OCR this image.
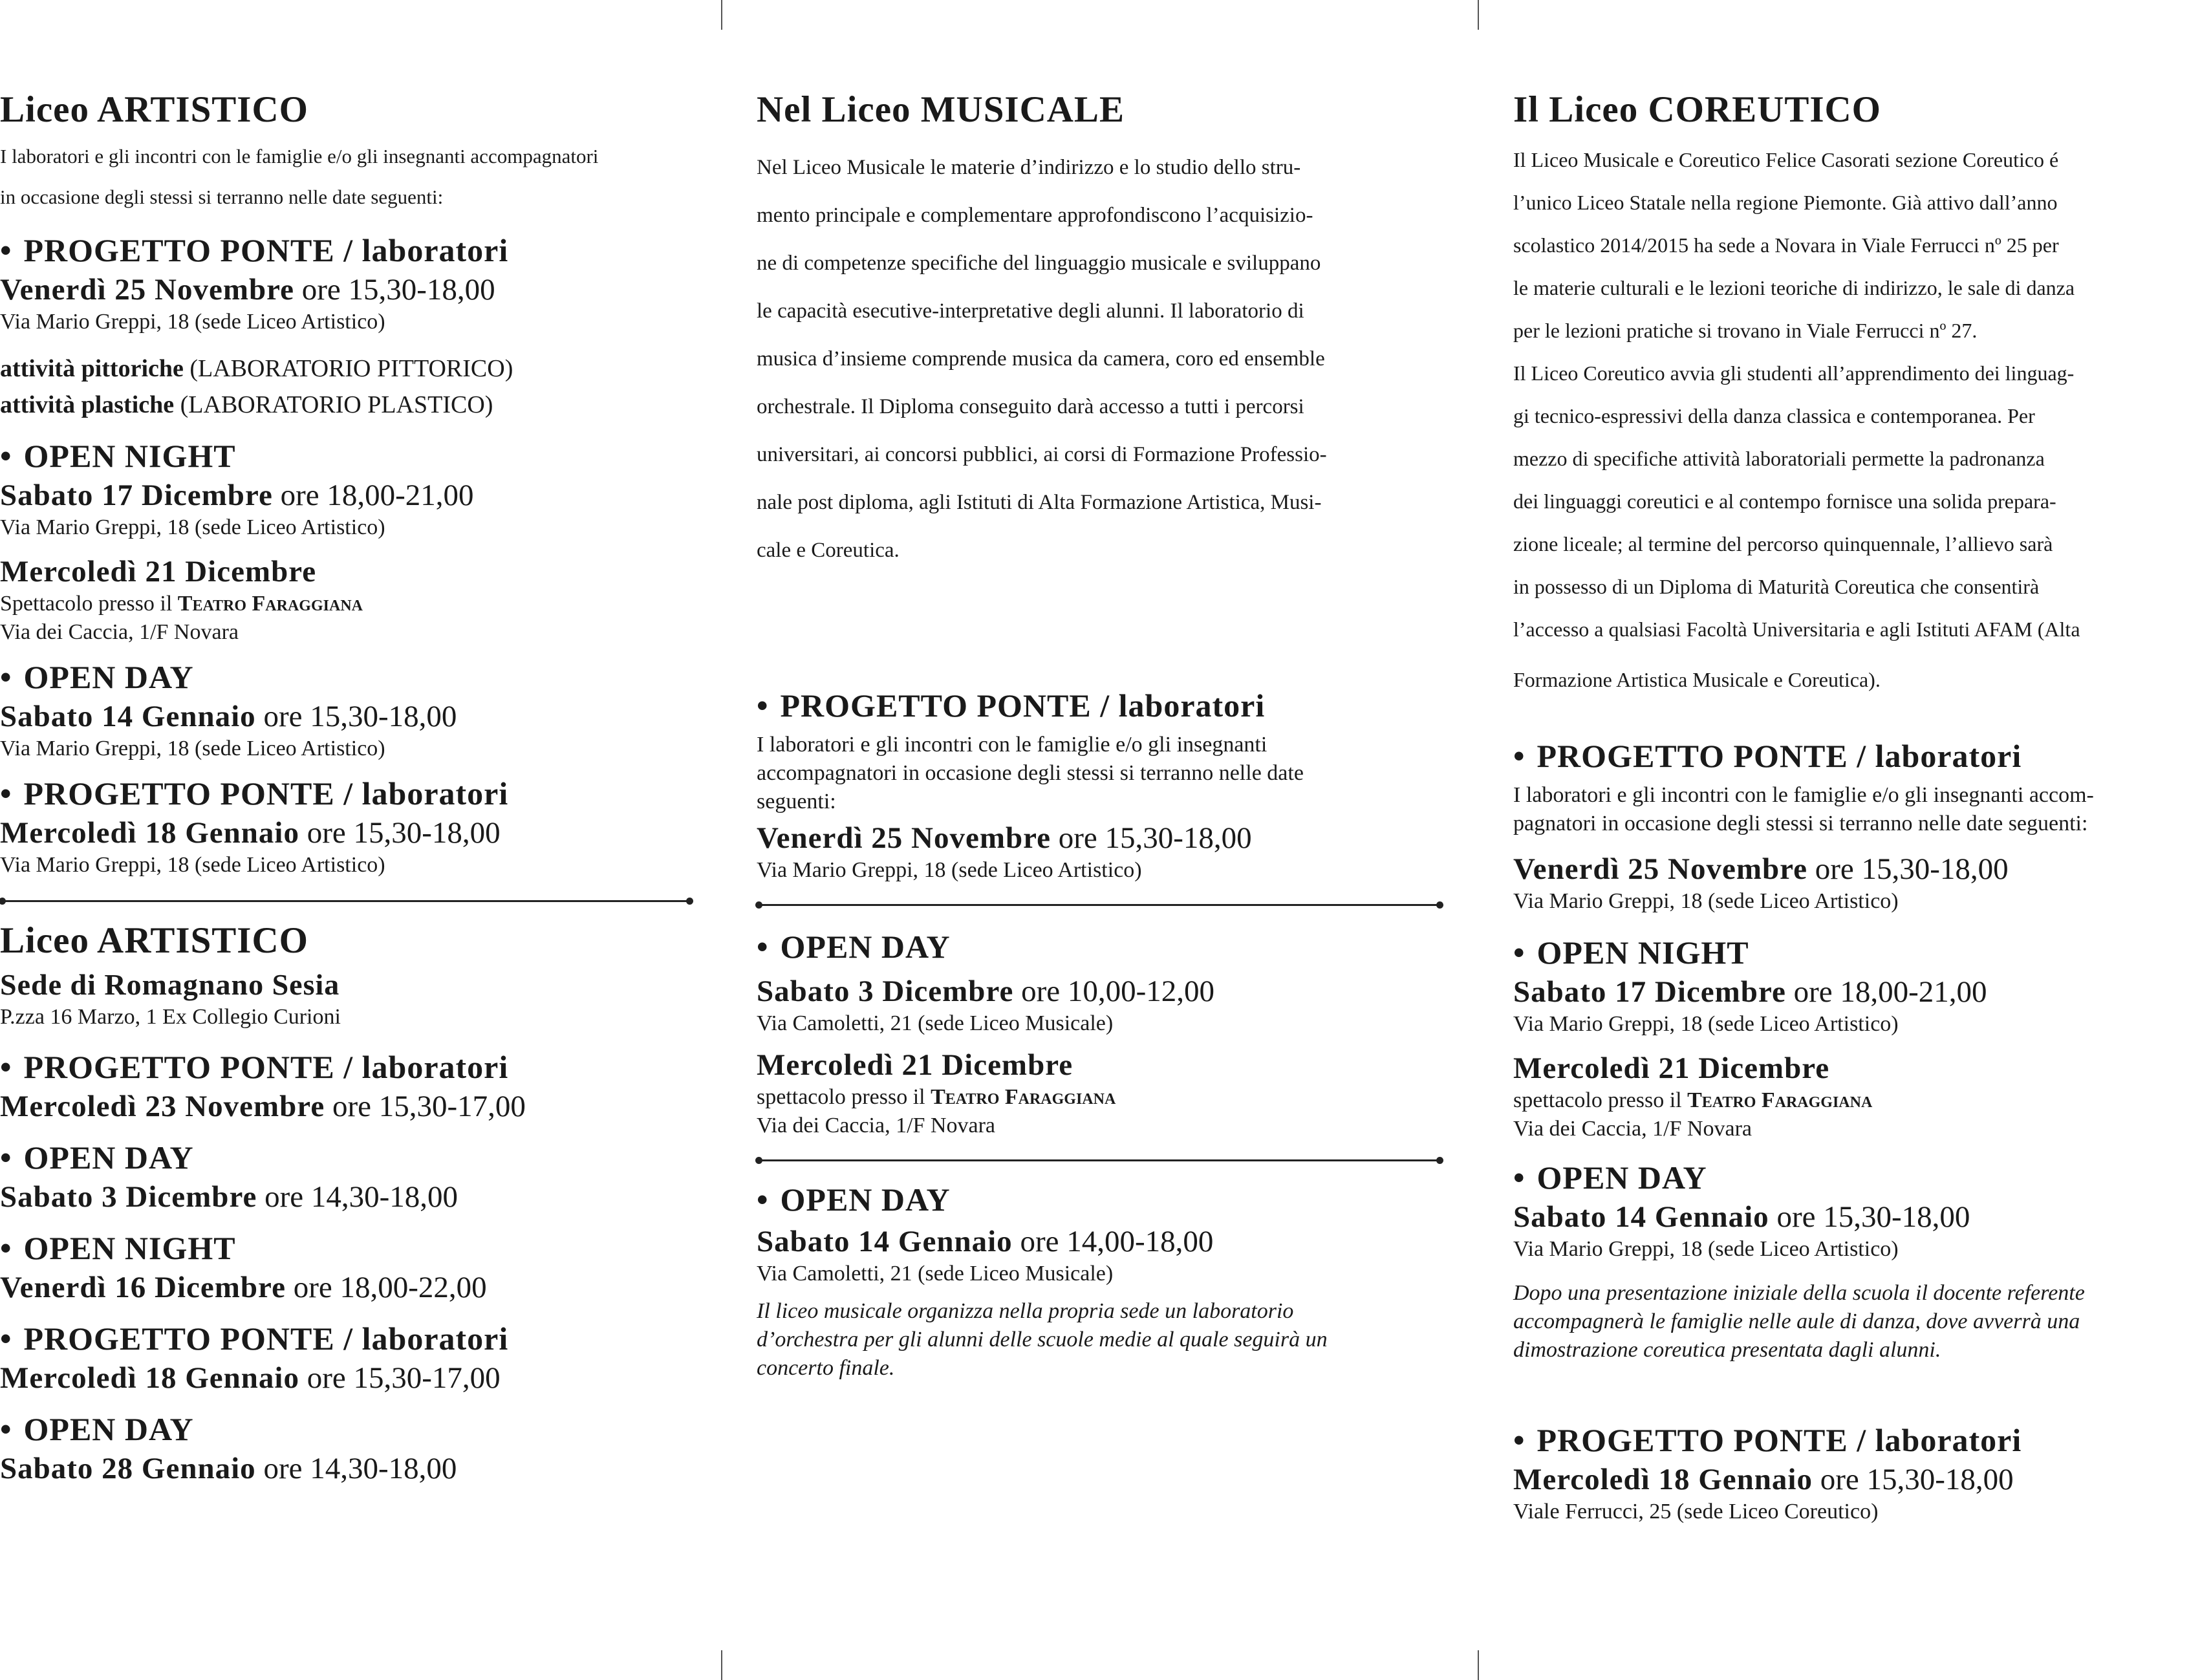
Liceo ARTISTICO

I laboratori e gli incontri con le famiglie e/o gli insegnanti accompagnatori

in occasione degli stessi si terranno nelle date seguenti:

• PROGETTO PONTE / laboratori

Venerdì 25 Novembre ore 15,30-18,00

Via Mario Greppi, 18 (sede Liceo Artistico)

attività pittoriche (LABORATORIO PITTORICO)

attività plastiche (LABORATORIO PLASTICO)

• OPEN NIGHT

Sabato 17 Dicembre ore 18,00-21,00

Via Mario Greppi, 18 (sede Liceo Artistico)

Mercoledì 21 Dicembre

Spettacolo presso il Teatro Faraggiana

Via dei Caccia, 1/F Novara

• OPEN DAY

Sabato 14 Gennaio ore 15,30-18,00

Via Mario Greppi, 18 (sede Liceo Artistico)

• PROGETTO PONTE / laboratori

Mercoledì 18 Gennaio ore 15,30-18,00

Via Mario Greppi, 18 (sede Liceo Artistico)

Liceo ARTISTICO

Sede di Romagnano Sesia

P.zza 16 Marzo, 1 Ex Collegio Curioni

• PROGETTO PONTE / laboratori

Mercoledì 23 Novembre ore 15,30-17,00

• OPEN DAY

Sabato 3 Dicembre ore 14,30-18,00

• OPEN NIGHT

Venerdì 16 Dicembre ore 18,00-22,00

• PROGETTO PONTE / laboratori

Mercoledì 18 Gennaio ore 15,30-17,00

• OPEN DAY

Sabato 28 Gennaio ore 14,30-18,00

Nel Liceo MUSICALE

Nel Liceo Musicale le materie d’indirizzo e lo studio dello stru-

mento principale e complementare approfondiscono l’acquisizio-

ne di competenze specifiche del linguaggio musicale e sviluppano

le capacità esecutive-interpretative degli alunni. Il laboratorio di

musica d’insieme comprende musica da camera, coro ed ensemble

orchestrale. Il Diploma conseguito darà accesso a tutti i percorsi

universitari, ai concorsi pubblici, ai corsi di Formazione Professio-

nale post diploma, agli Istituti di Alta Formazione Artistica, Musi-

cale e Coreutica.

• PROGETTO PONTE / laboratori

I laboratori e gli incontri con le famiglie e/o gli insegnanti

accompagnatori in occasione degli stessi si terranno nelle date

seguenti:

Venerdì 25 Novembre ore 15,30-18,00

Via Mario Greppi, 18 (sede Liceo Artistico)

• OPEN DAY

Sabato 3 Dicembre ore 10,00-12,00

Via Camoletti, 21 (sede Liceo Musicale)

Mercoledì 21 Dicembre

spettacolo presso il Teatro Faraggiana

Via dei Caccia, 1/F Novara

• OPEN DAY

Sabato 14 Gennaio ore 14,00-18,00

Via Camoletti, 21 (sede Liceo Musicale)

Il liceo musicale organizza nella propria sede un laboratorio

d’orchestra per gli alunni delle scuole medie al quale seguirà un

concerto finale.

Il Liceo COREUTICO

Il Liceo Musicale e Coreutico Felice Casorati sezione Coreutico é

l’unico Liceo Statale nella regione Piemonte. Già attivo dall’anno

scolastico 2014/2015 ha sede a Novara in Viale Ferrucci nº 25 per

le materie culturali e le lezioni teoriche di indirizzo, le sale di danza

per le lezioni pratiche si trovano in Viale Ferrucci nº 27.

Il Liceo Coreutico avvia gli studenti all’apprendimento dei linguag-

gi tecnico-espressivi della danza classica e contemporanea. Per

mezzo di specifiche attività laboratoriali permette la padronanza

dei linguaggi coreutici e al contempo fornisce una solida prepara-

zione liceale; al termine del percorso quinquennale, l’allievo sarà

in possesso di un Diploma di Maturità Coreutica che consentirà

l’accesso a qualsiasi Facoltà Universitaria e agli Istituti AFAM (Alta

Formazione Artistica Musicale e Coreutica).

• PROGETTO PONTE / laboratori

I laboratori e gli incontri con le famiglie e/o gli insegnanti accom-

pagnatori in occasione degli stessi si terranno nelle date seguenti:

Venerdì 25 Novembre ore 15,30-18,00

Via Mario Greppi, 18 (sede Liceo Artistico)

• OPEN NIGHT

Sabato 17 Dicembre ore 18,00-21,00

Via Mario Greppi, 18 (sede Liceo Artistico)

Mercoledì 21 Dicembre

spettacolo presso il Teatro Faraggiana

Via dei Caccia, 1/F Novara

• OPEN DAY

Sabato 14 Gennaio ore 15,30-18,00

Via Mario Greppi, 18 (sede Liceo Artistico)

Dopo una presentazione iniziale della scuola il docente referente

accompagnerà le famiglie nelle aule di danza, dove avverrà una

dimostrazione coreutica presentata dagli alunni.

• PROGETTO PONTE / laboratori

Mercoledì 18 Gennaio ore 15,30-18,00

Viale Ferrucci, 25 (sede Liceo Coreutico)
